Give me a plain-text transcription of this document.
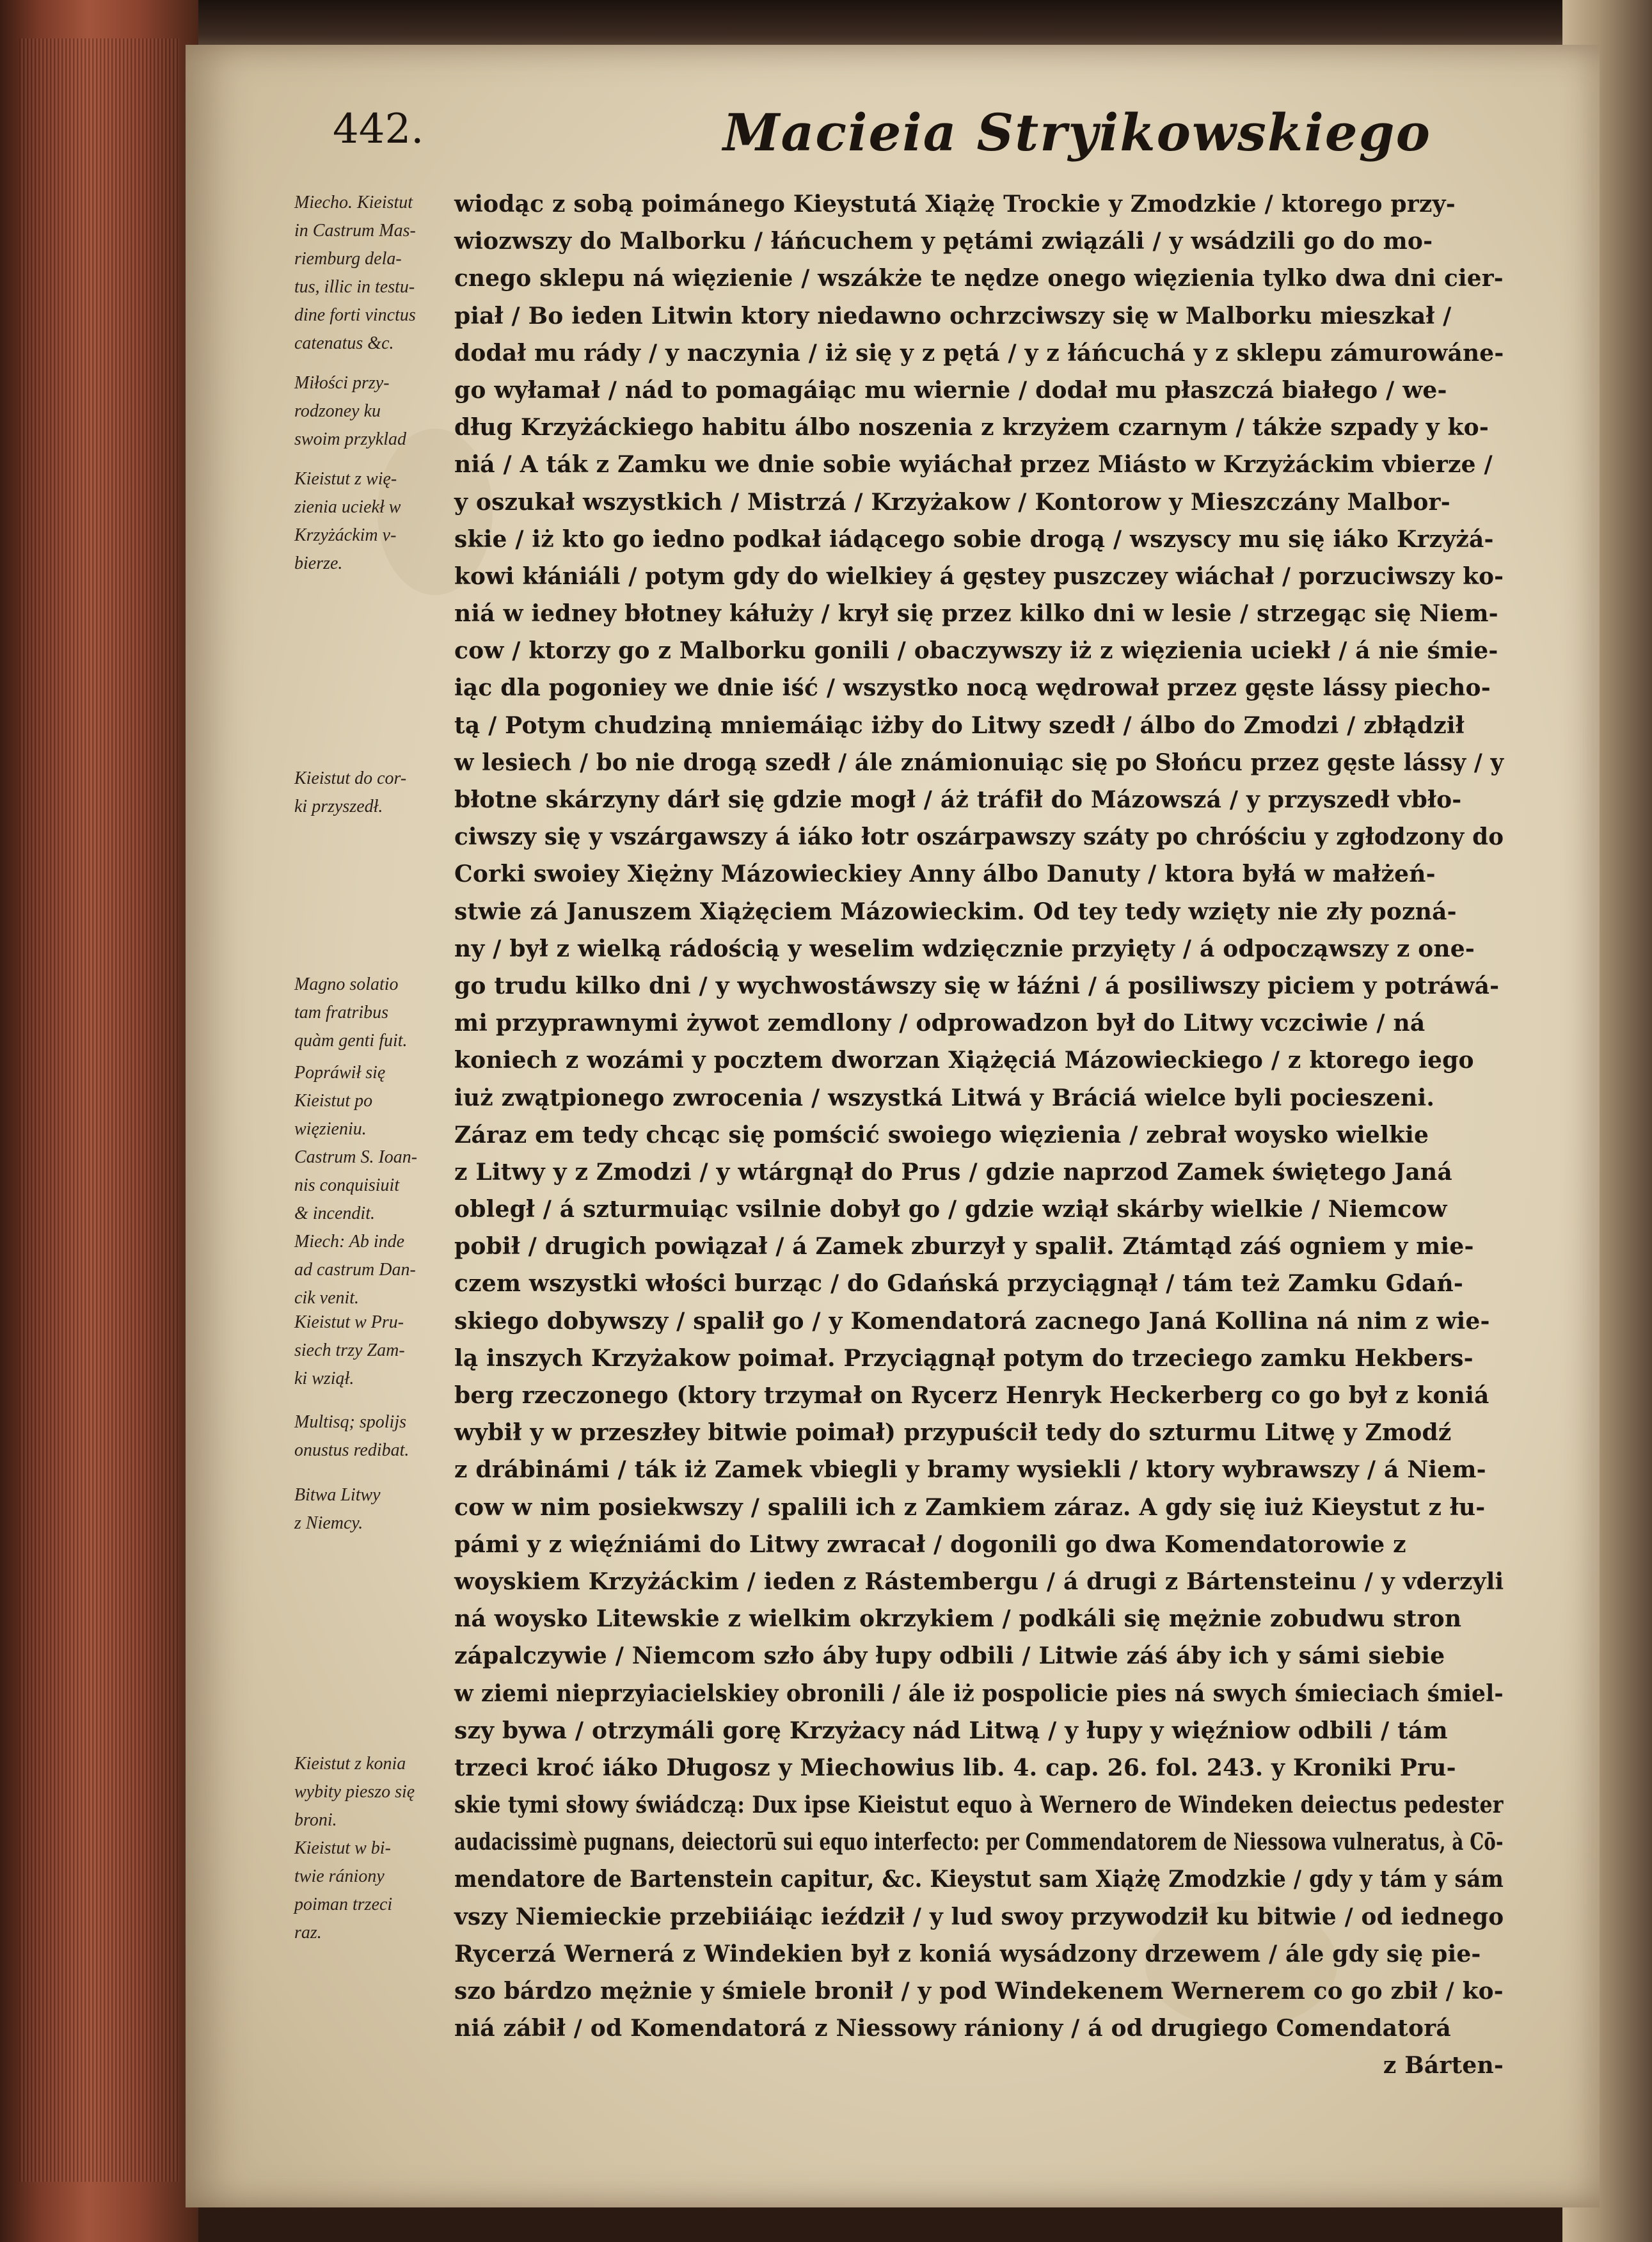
442.	Macieia Stryikowskiego
Miecho. Kieistut
in Castrum Mas-
riemburg dela-
tus, illic in testu-
dine forti vinctus
catenatus &c.
Miłości przy-
rodzoney ku
swoim przyklad
Kieistut z wię-
zienia uciekł w
Krzyżáckim v-
bierze.
Kieistut do cor-
ki przyszedł.
Magno solatio
tam fratribus
quàm genti fuit.
Popráwił się
Kieistut po
więzieniu.
Castrum S. Ioan-
nis conquisiuit
& incendit.
Miech: Ab inde
ad castrum Dan-
cik venit.
Kieistut w Pru-
siech trzy Zam-
ki wziął.
Multisq; spolijs
onustus redibat.
Bitwa Litwy
z Niemcy.
Kieistut z konia
wybity pieszo się
broni.
Kieistut w bi-
twie rániony
poiman trzeci
raz.
wiodąc z sobą poimánego Kieystutá Xiążę Trockie y Zmodzkie / ktorego przy-
wiozwszy do Malborku / łáńcuchem y pętámi związáli / y wsádzili go do mo-
cnego sklepu ná więzienie / wszákże te nędze onego więzienia tylko dwa dni cier-
piał / Bo ieden Litwin ktory niedawno ochrzciwszy się w Malborku mieszkał /
dodał mu rády / y naczynia / iż się y z pętá / y z łáńcuchá y z sklepu zámurowáne-
go wyłamał / nád to pomagáiąc mu wiernie / dodał mu płaszczá białego / we-
dług Krzyżáckiego habitu álbo noszenia z krzyżem czarnym / tákże szpady y ko-
niá / A ták z Zamku we dnie sobie wyiáchał przez Miásto w Krzyżáckim vbierze /
y oszukał wszystkich / Mistrzá / Krzyżakow / Kontorow y Mieszczány Malbor-
skie / iż kto go iedno podkał iádącego sobie drogą / wszyscy mu się iáko Krzyżá-
kowi kłániáli / potym gdy do wielkiey á gęstey puszczey wiáchał / porzuciwszy ko-
niá w iedney błotney káłuży / krył się przez kilko dni w lesie / strzegąc się Niem-
cow / ktorzy go z Malborku gonili / obaczywszy iż z więzienia uciekł / á nie śmie-
iąc dla pogoniey we dnie iść / wszystko nocą wędrował przez gęste lássy piecho-
tą / Potym chudziną mniemáiąc iżby do Litwy szedł / álbo do Zmodzi / zbłądził
w lesiech / bo nie drogą szedł / ále známionuiąc się po Słońcu przez gęste lássy / y
błotne skárzyny dárł się gdzie mogł / áż tráfił do Mázowszá / y przyszedł vbło-
ciwszy się y vszárgawszy á iáko łotr oszárpawszy száty po chróściu y zgłodzony do
Corki swoiey Xiężny Mázowieckiey Anny álbo Danuty / ktora byłá w małżeń-
stwie zá Januszem Xiążęciem Mázowieckim. Od tey tedy wzięty nie zły pozná-
ny / był z wielką rádością y weselim wdzięcznie przyięty / á odpocząwszy z one-
go trudu kilko dni / y wychwostáwszy się w łáźni / á posiliwszy piciem y potráwá-
mi przyprawnymi żywot zemdlony / odprowadzon był do Litwy vczciwie / ná
koniech z wozámi y pocztem dworzan Xiążęciá Mázowieckiego / z ktorego iego
iuż zwątpionego zwrocenia / wszystká Litwá y Bráciá wielce byli pocieszeni.
Záraz em tedy chcąc się pomścić swoiego więzienia / zebrał woysko wielkie
z Litwy y z Zmodzi / y wtárgnął do Prus / gdzie naprzod Zamek świętego Janá
obległ / á szturmuiąc vsilnie dobył go / gdzie wziął skárby wielkie / Niemcow
pobił / drugich powiązał / á Zamek zburzył y spalił. Ztámtąd záś ogniem y mie-
czem wszystki włości burząc / do Gdańská przyciągnął / tám też Zamku Gdań-
skiego dobywszy / spalił go / y Komendatorá zacnego Janá Kollina ná nim z wie-
lą inszych Krzyżakow poimał. Przyciągnął potym do trzeciego zamku Hekbers-
berg rzeczonego (ktory trzymał on Rycerz Henryk Heckerberg co go był z koniá
wybił y w przeszłey bitwie poimał) przypuścił tedy do szturmu Litwę y Zmodź
z drábinámi / ták iż Zamek vbiegli y bramy wysiekli / ktory wybrawszy / á Niem-
cow w nim posiekwszy / spalili ich z Zamkiem záraz. A gdy się iuż Kieystut z łu-
pámi y z więźniámi do Litwy zwracał / dogonili go dwa Komendatorowie z
woyskiem Krzyżáckim / ieden z Rástembergu / á drugi z Bártensteinu / y vderzyli
ná woysko Litewskie z wielkim okrzykiem / podkáli się mężnie zobudwu stron
zápalczywie / Niemcom szło áby łupy odbili / Litwie záś áby ich y sámi siebie
w ziemi nieprzyiacielskiey obronili / ále iż pospolicie pies ná swych śmieciach śmiel-
szy bywa / otrzymáli gorę Krzyżacy nád Litwą / y łupy y więźniow odbili / tám
trzeci kroć iáko Długosz y Miechowius lib. 4. cap. 26. fol. 243. y Kroniki Pru-
skie tymi słowy świádczą: Dux ipse Kieistut equo à Wernero de Windeken deiectus pedester
audacissimè pugnans, deiectorū sui equo interfecto: per Commendatorem de Niessowa vulneratus, à Cō-
mendatore de Bartenstein capitur, &c. Kieystut sam Xiążę Zmodzkie / gdy y tám y sám
vszy Niemieckie przebiiáiąc ieździł / y lud swoy przywodził ku bitwie / od iednego
Rycerzá Wernerá z Windekien był z koniá wysádzony drzewem / ále gdy się pie-
szo bárdzo mężnie y śmiele bronił / y pod Windekenem Wernerem co go zbił / ko-
niá zábił / od Komendatorá z Niessowy rániony / á od drugiego Comendatorá
z Bárten-
